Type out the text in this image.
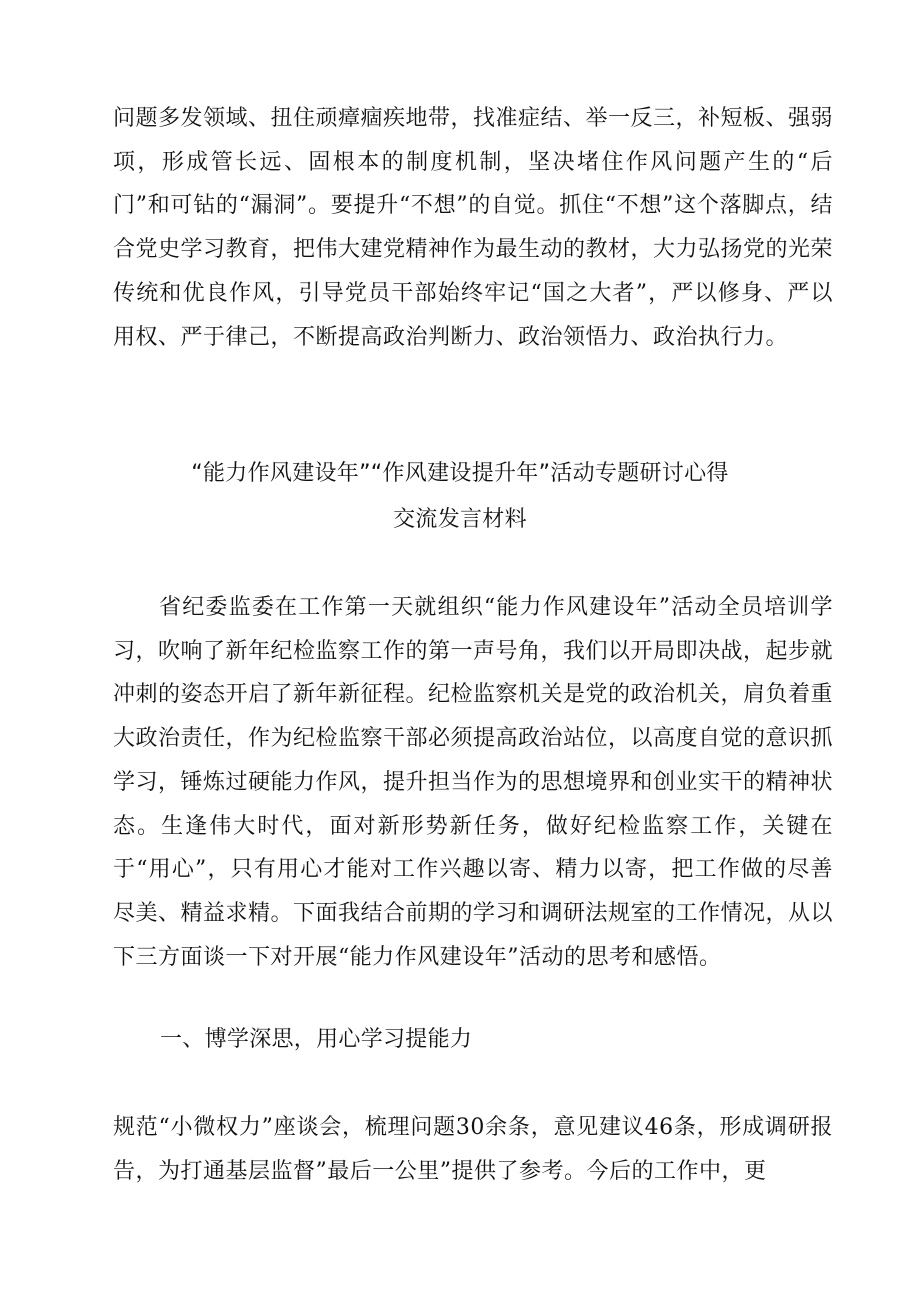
问题多发领域、扭住顽瘴痼疾地带，找准症结、举一反三，补短板、强弱项，形成管长远、固根本的制度机制，坚决堵住作风问题产生的“后门”和可钻的“漏洞”。要提升“不想”的自觉。抓住“不想”这个落脚点，结合党史学习教育，把伟大建党精神作为最生动的教材，大力弘扬党的光荣传统和优良作风，引导党员干部始终牢记“国之大者”，严以修身、严以用权、严于律己，不断提高政治判断力、政治领悟力、政治执行力。

“能力作风建设年”“作风建设提升年”活动专题研讨心得

交流发言材料

省纪委监委在工作第一天就组织“能力作风建设年”活动全员培训学习，吹响了新年纪检监察工作的第一声号角，我们以开局即决战，起步就冲刺的姿态开启了新年新征程。纪检监察机关是党的政治机关，肩负着重大政治责任，作为纪检监察干部必须提高政治站位，以高度自觉的意识抓学习，锤炼过硬能力作风，提升担当作为的思想境界和创业实干的精神状态。生逢伟大时代，面对新形势新任务，做好纪检监察工作，关键在于“用心”，只有用心才能对工作兴趣以寄、精力以寄，把工作做的尽善尽美、精益求精。下面我结合前期的学习和调研法规室的工作情况，从以下三方面谈一下对开展“能力作风建设年”活动的思考和感悟。

一、博学深思，用心学习提能力

规范“小微权力”座谈会，梳理问题30余条，意见建议46条，形成调研报告，为打通基层监督”最后一公里”提供了参考。今后的工作中，更
